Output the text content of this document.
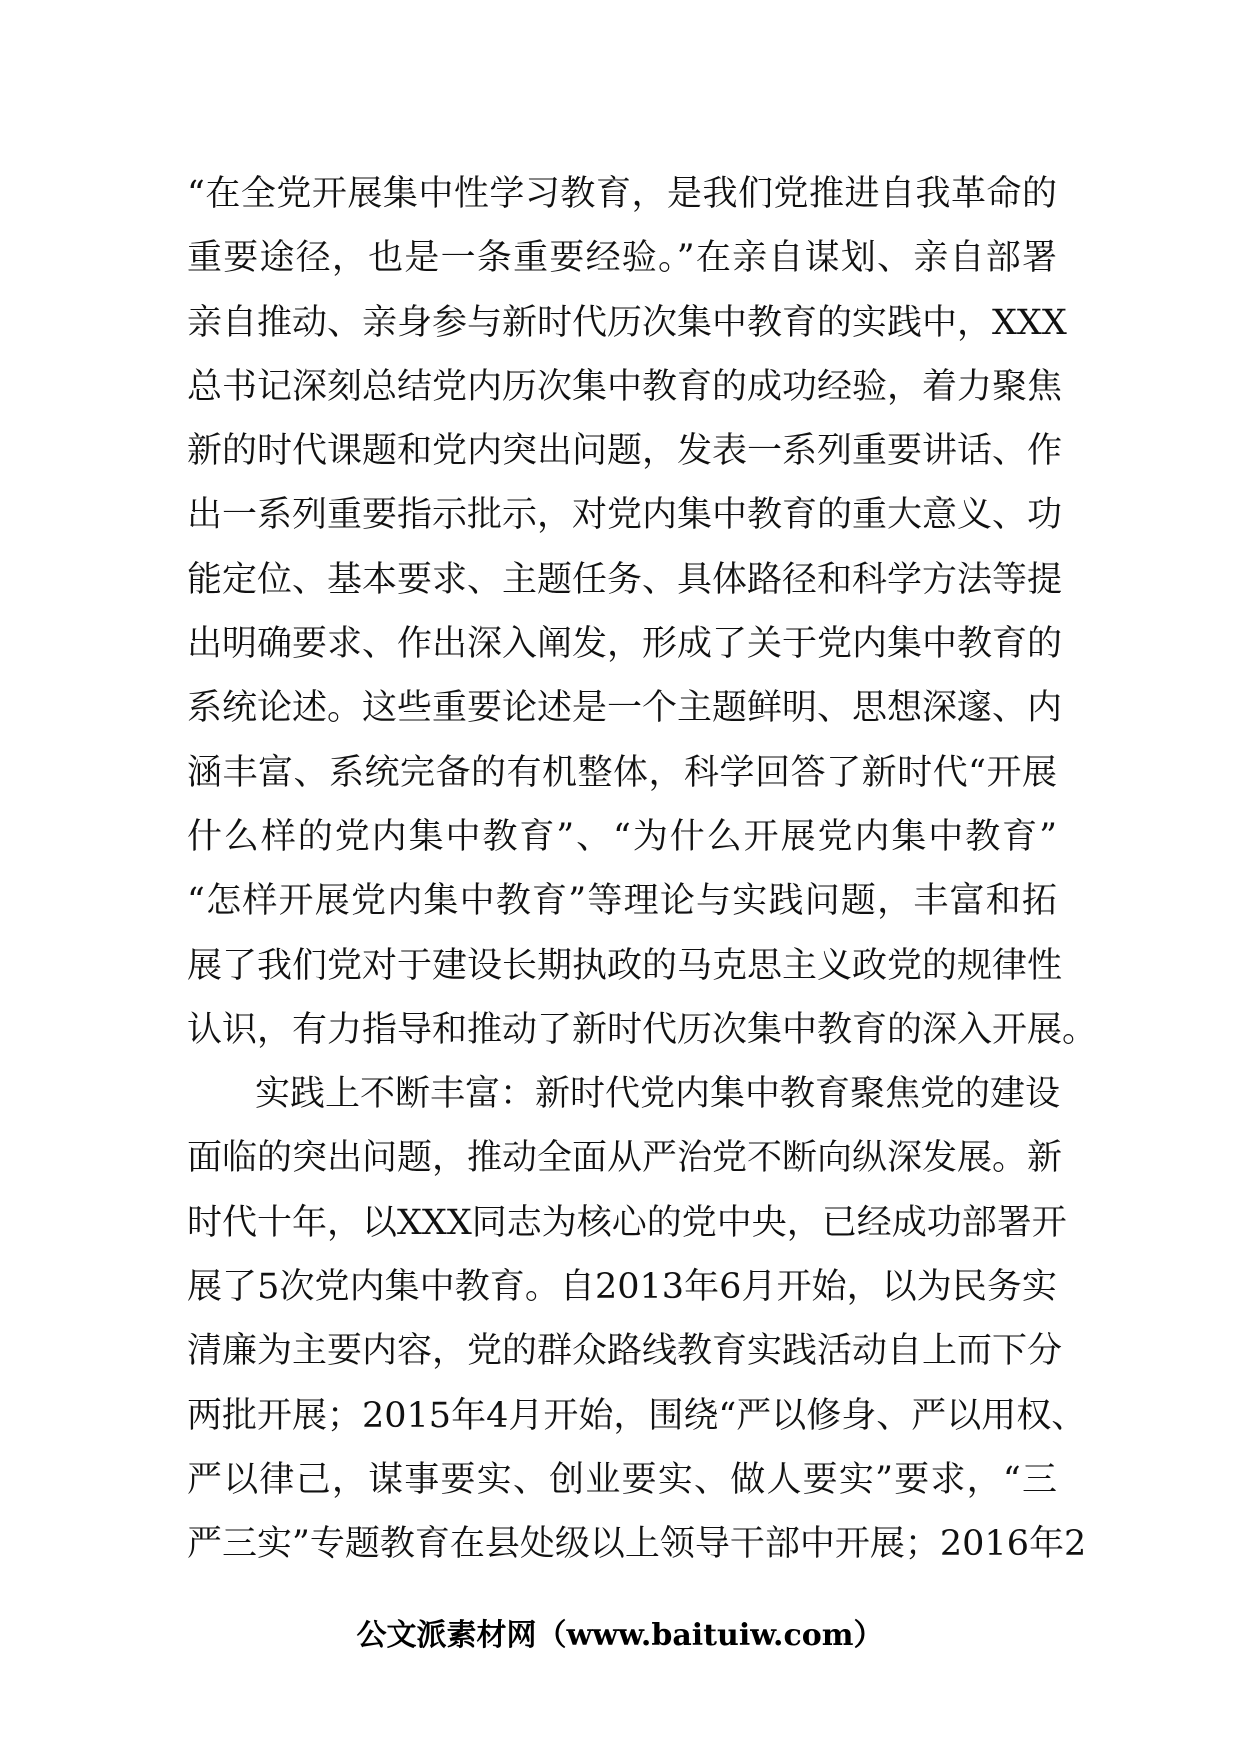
“在全党开展集中性学习教育，是我们党推进自我革命的
重要途径，也是一条重要经验。”在亲自谋划、亲自部署
亲自推动、亲身参与新时代历次集中教育的实践中，XXX
总书记深刻总结党内历次集中教育的成功经验，着力聚焦
新的时代课题和党内突出问题，发表一系列重要讲话、作
出一系列重要指示批示，对党内集中教育的重大意义、功
能定位、基本要求、主题任务、具体路径和科学方法等提
出明确要求、作出深入阐发，形成了关于党内集中教育的
系统论述。这些重要论述是一个主题鲜明、思想深邃、内
涵丰富、系统完备的有机整体，科学回答了新时代“开展
什么样的党内集中教育”、“为什么开展党内集中教育”
“怎样开展党内集中教育”等理论与实践问题，丰富和拓
展了我们党对于建设长期执政的马克思主义政党的规律性
认识，有力指导和推动了新时代历次集中教育的深入开展。
实践上不断丰富：新时代党内集中教育聚焦党的建设
面临的突出问题，推动全面从严治党不断向纵深发展。新
时代十年，以XXX同志为核心的党中央，已经成功部署开
展了5次党内集中教育。自2013年6月开始，以为民务实
清廉为主要内容，党的群众路线教育实践活动自上而下分
两批开展；2015年4月开始，围绕“严以修身、严以用权、
严以律己，谋事要实、创业要实、做人要实”要求，“三
严三实”专题教育在县处级以上领导干部中开展；2016年2
公文派素材网（www.baituiw.com）
